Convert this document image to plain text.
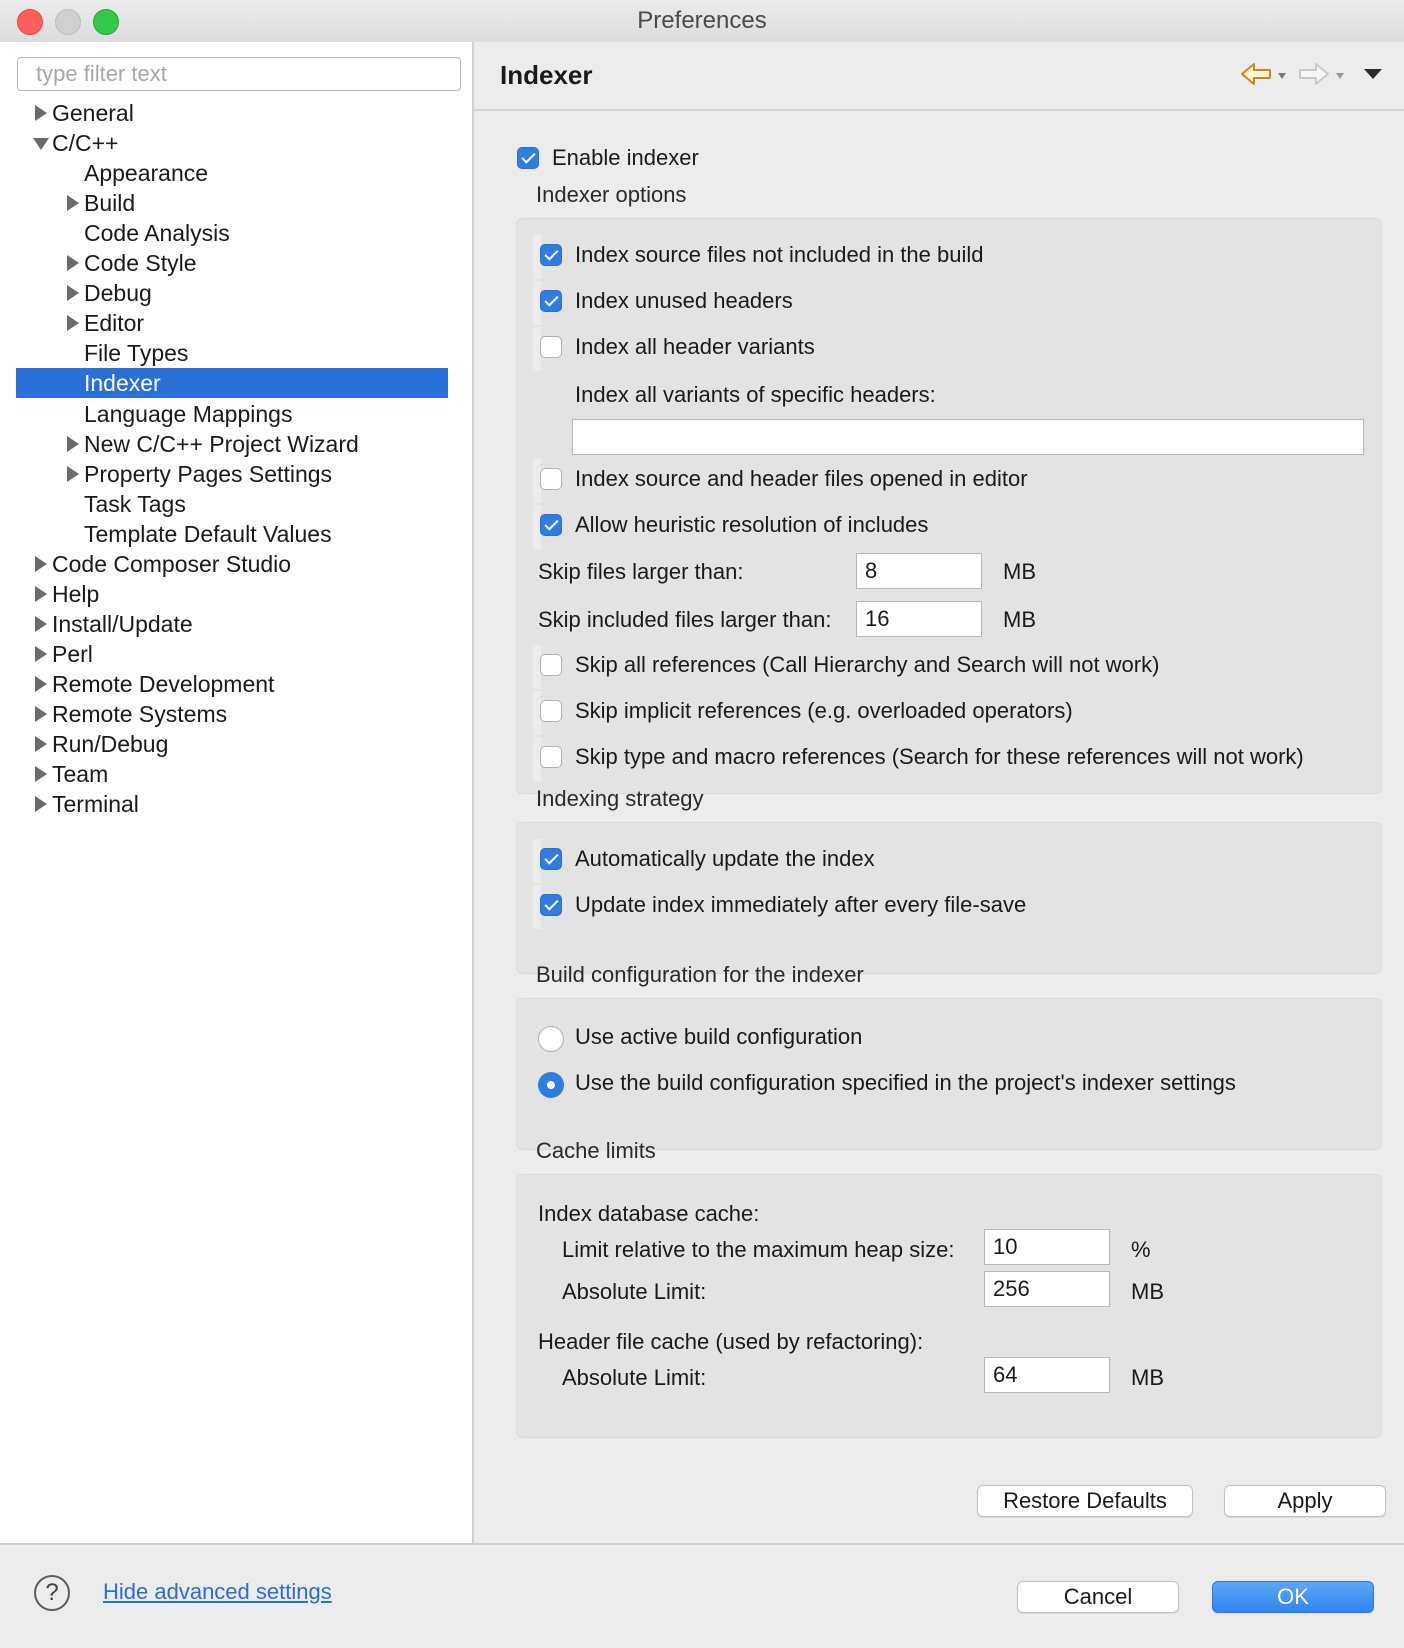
Preferences
type filter text
General
C/C++
Appearance
Build
Code Analysis
Code Style
Debug
Editor
File Types
Indexer
Language Mappings
New C/C++ Project Wizard
Property Pages Settings
Task Tags
Template Default Values
Code Composer Studio
Help
Install/Update
Perl
Remote Development
Remote Systems
Run/Debug
Team
Terminal
Indexer
Enable indexer
Indexer options
Index source files not included in the build
Index unused headers
Index all header variants
Index all variants of specific headers:
Index source and header files opened in editor
Allow heuristic resolution of includes
Skip files larger than:
8	MB
Skip included files larger than:
16	MB
Skip all references (Call Hierarchy and Search will not work)
Skip implicit references (e.g. overloaded operators)
Skip type and macro references (Search for these references will not work)
Indexing strategy
Automatically update the index
Update index immediately after every file-save
Build configuration for the indexer
Use active build configuration
Use the build configuration specified in the project's indexer settings
Cache limits
Index database cache:
Limit relative to the maximum heap size:
10	%
Absolute Limit:
256	MB
Header file cache (used by refactoring):
Absolute Limit:
64	MB
Restore Defaults	Apply
?	Hide advanced settings	Cancel	OK
